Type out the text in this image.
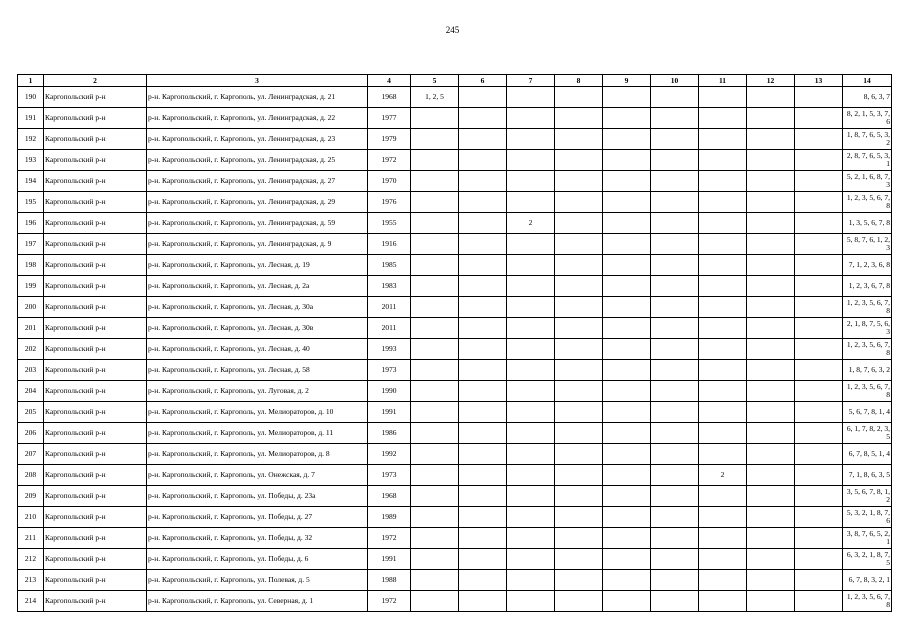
245
1	2	3	4	5	6	7	8	9	10	11	12	13	14
190	Каргопольский р-н	р-н. Каргопольский, г. Каргополь, ул. Ленинградская, д. 21	1968	1, 2, 5									8, 6, 3, 7
191	Каргопольский р-н	р-н. Каргопольский, г. Каргополь, ул. Ленинградская, д. 22	1977										8, 2, 1, 5, 3, 7, 6
192	Каргопольский р-н	р-н. Каргопольский, г. Каргополь, ул. Ленинградская, д. 23	1979										1, 8, 7, 6, 5, 3, 2
193	Каргопольский р-н	р-н. Каргопольский, г. Каргополь, ул. Ленинградская, д. 25	1972										2, 8, 7, 6, 5, 3, 1
194	Каргопольский р-н	р-н. Каргопольский, г. Каргополь, ул. Ленинградская, д. 27	1970										5, 2, 1, 6, 8, 7, 3
195	Каргопольский р-н	р-н. Каргопольский, г. Каргополь, ул. Ленинградская, д. 29	1976										1, 2, 3, 5, 6, 7, 8
196	Каргопольский р-н	р-н. Каргопольский, г. Каргополь, ул. Ленинградская, д. 59	1955			2							1, 3, 5, 6, 7, 8
197	Каргопольский р-н	р-н. Каргопольский, г. Каргополь, ул. Ленинградская, д. 9	1916										5, 8, 7, 6, 1, 2, 3
198	Каргопольский р-н	р-н. Каргопольский, г. Каргополь, ул. Лесная, д. 19	1985										7, 1, 2, 3, 6, 8
199	Каргопольский р-н	р-н. Каргопольский, г. Каргополь, ул. Лесная, д. 2а	1983										1, 2, 3, 6, 7, 8
200	Каргопольский р-н	р-н. Каргопольский, г. Каргополь, ул. Лесная, д. 30а	2011										1, 2, 3, 5, 6, 7, 8
201	Каргопольский р-н	р-н. Каргопольский, г. Каргополь, ул. Лесная, д. 30в	2011										2, 1, 8, 7, 5, 6, 3
202	Каргопольский р-н	р-н. Каргопольский, г. Каргополь, ул. Лесная, д. 40	1993										1, 2, 3, 5, 6, 7, 8
203	Каргопольский р-н	р-н. Каргопольский, г. Каргополь, ул. Лесная, д. 58	1973										1, 8, 7, 6, 3, 2
204	Каргопольский р-н	р-н. Каргопольский, г. Каргополь, ул. Луговая, д. 2	1990										1, 2, 3, 5, 6, 7, 8
205	Каргопольский р-н	р-н. Каргопольский, г. Каргополь, ул. Мелиораторов, д. 10	1991										5, 6, 7, 8, 1, 4
206	Каргопольский р-н	р-н. Каргопольский, г. Каргополь, ул. Мелиораторов, д. 11	1986										6, 1, 7, 8, 2, 3, 5
207	Каргопольский р-н	р-н. Каргопольский, г. Каргополь, ул. Мелиораторов, д. 8	1992										6, 7, 8, 5, 1, 4
208	Каргопольский р-н	р-н. Каргопольский, г. Каргополь, ул. Онежская, д. 7	1973							2			7, 1, 8, 6, 3, 5
209	Каргопольский р-н	р-н. Каргопольский, г. Каргополь, ул. Победы, д. 23а	1968										3, 5, 6, 7, 8, 1, 2
210	Каргопольский р-н	р-н. Каргопольский, г. Каргополь, ул. Победы, д. 27	1989										5, 3, 2, 1, 8, 7, 6
211	Каргопольский р-н	р-н. Каргопольский, г. Каргополь, ул. Победы, д. 32	1972										3, 8, 7, 6, 5, 2, 1
212	Каргопольский р-н	р-н. Каргопольский, г. Каргополь, ул. Победы, д. 6	1991										6, 3, 2, 1, 8, 7, 5
213	Каргопольский р-н	р-н. Каргопольский, г. Каргополь, ул. Полевая, д. 5	1988										6, 7, 8, 3, 2, 1
214	Каргопольский р-н	р-н. Каргопольский, г. Каргополь, ул. Северная, д. 1	1972										1, 2, 3, 5, 6, 7, 8
